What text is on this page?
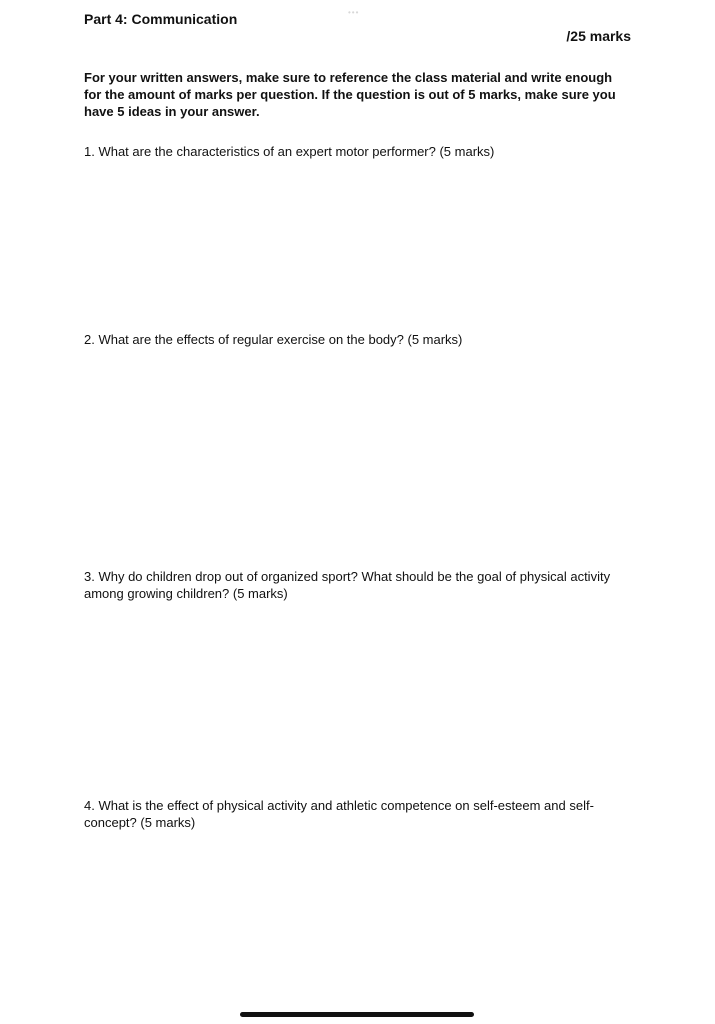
•••
Part 4: Communication
/25 marks
For your written answers, make sure to reference the class material and write enough for the amount of marks per question. If the question is out of 5 marks, make sure you have 5 ideas in your answer.
1. What are the characteristics of an expert motor performer? (5 marks)
2. What are the effects of regular exercise on the body? (5 marks)
3. Why do children drop out of organized sport? What should be the goal of physical activity among growing children? (5 marks)
4. What is the effect of physical activity and athletic competence on self-esteem and self-concept? (5 marks)
